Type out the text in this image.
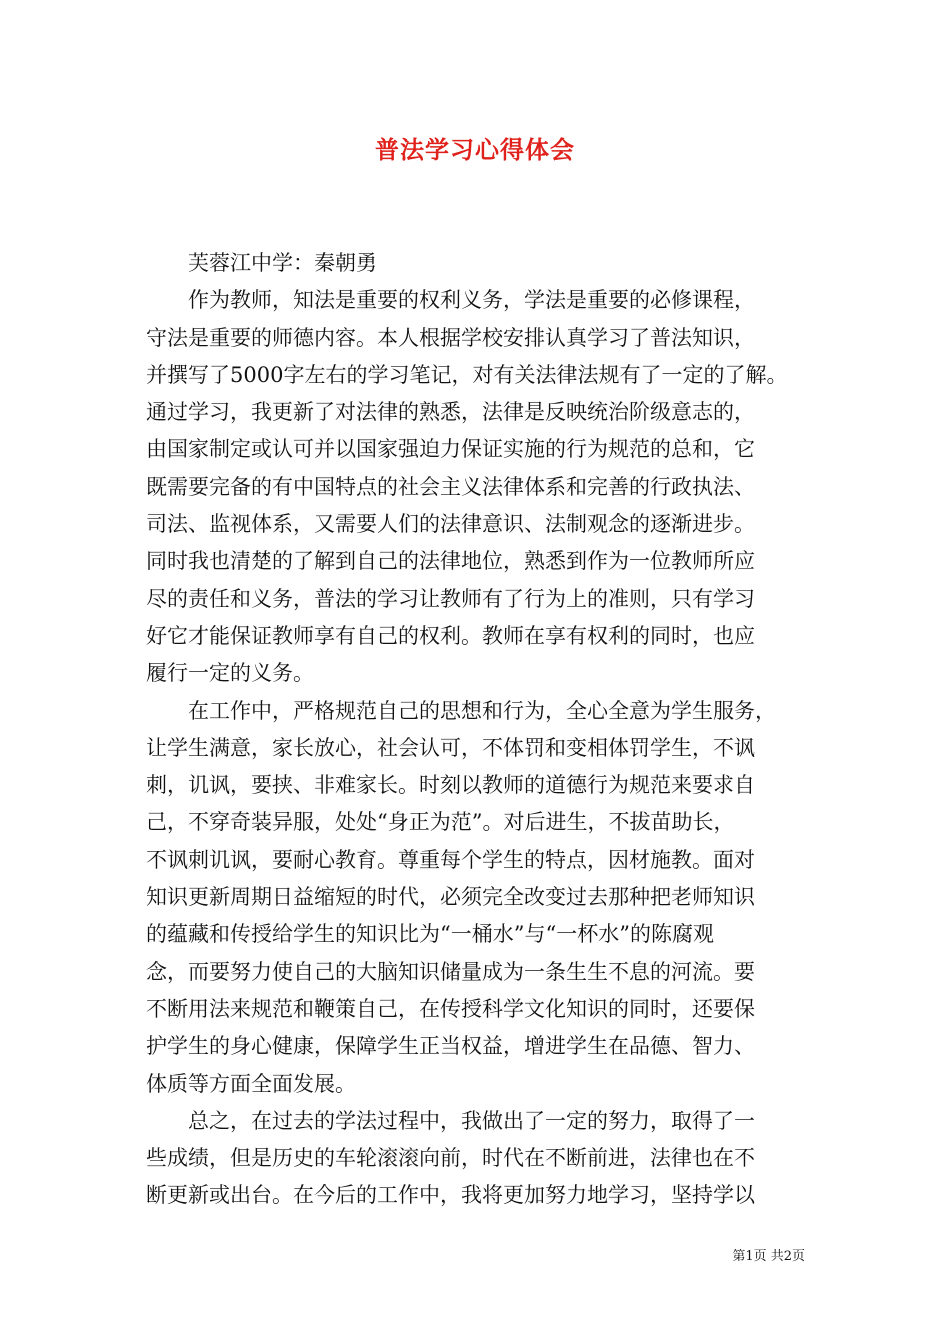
普法学习心得体会
芙蓉江中学：秦朝勇
作为教师，知法是重要的权利义务，学法是重要的必修课程，
守法是重要的师德内容。本人根据学校安排认真学习了普法知识，
并撰写了5000字左右的学习笔记，对有关法律法规有了一定的了解。
通过学习，我更新了对法律的熟悉，法律是反映统治阶级意志的，
由国家制定或认可并以国家强迫力保证实施的行为规范的总和，它
既需要完备的有中国特点的社会主义法律体系和完善的行政执法、
司法、监视体系，又需要人们的法律意识、法制观念的逐渐进步。
同时我也清楚的了解到自己的法律地位，熟悉到作为一位教师所应
尽的责任和义务，普法的学习让教师有了行为上的准则，只有学习
好它才能保证教师享有自己的权利。教师在享有权利的同时，也应
履行一定的义务。
在工作中，严格规范自己的思想和行为，全心全意为学生服务，
让学生满意，家长放心，社会认可，不体罚和变相体罚学生，不讽
刺，讥讽，要挟、非难家长。时刻以教师的道德行为规范来要求自
己，不穿奇装异服，处处“身正为范”。对后进生，不拔苗助长，
不讽刺讥讽，要耐心教育。尊重每个学生的特点，因材施教。面对
知识更新周期日益缩短的时代，必须完全改变过去那种把老师知识
的蕴藏和传授给学生的知识比为“一桶水”与“一杯水”的陈腐观
念，而要努力使自己的大脑知识储量成为一条生生不息的河流。要
不断用法来规范和鞭策自己，在传授科学文化知识的同时，还要保
护学生的身心健康，保障学生正当权益，增进学生在品德、智力、
体质等方面全面发展。
总之，在过去的学法过程中，我做出了一定的努力，取得了一
些成绩，但是历史的车轮滚滚向前，时代在不断前进，法律也在不
断更新或出台。在今后的工作中，我将更加努力地学习，坚持学以
第1页 共2页
